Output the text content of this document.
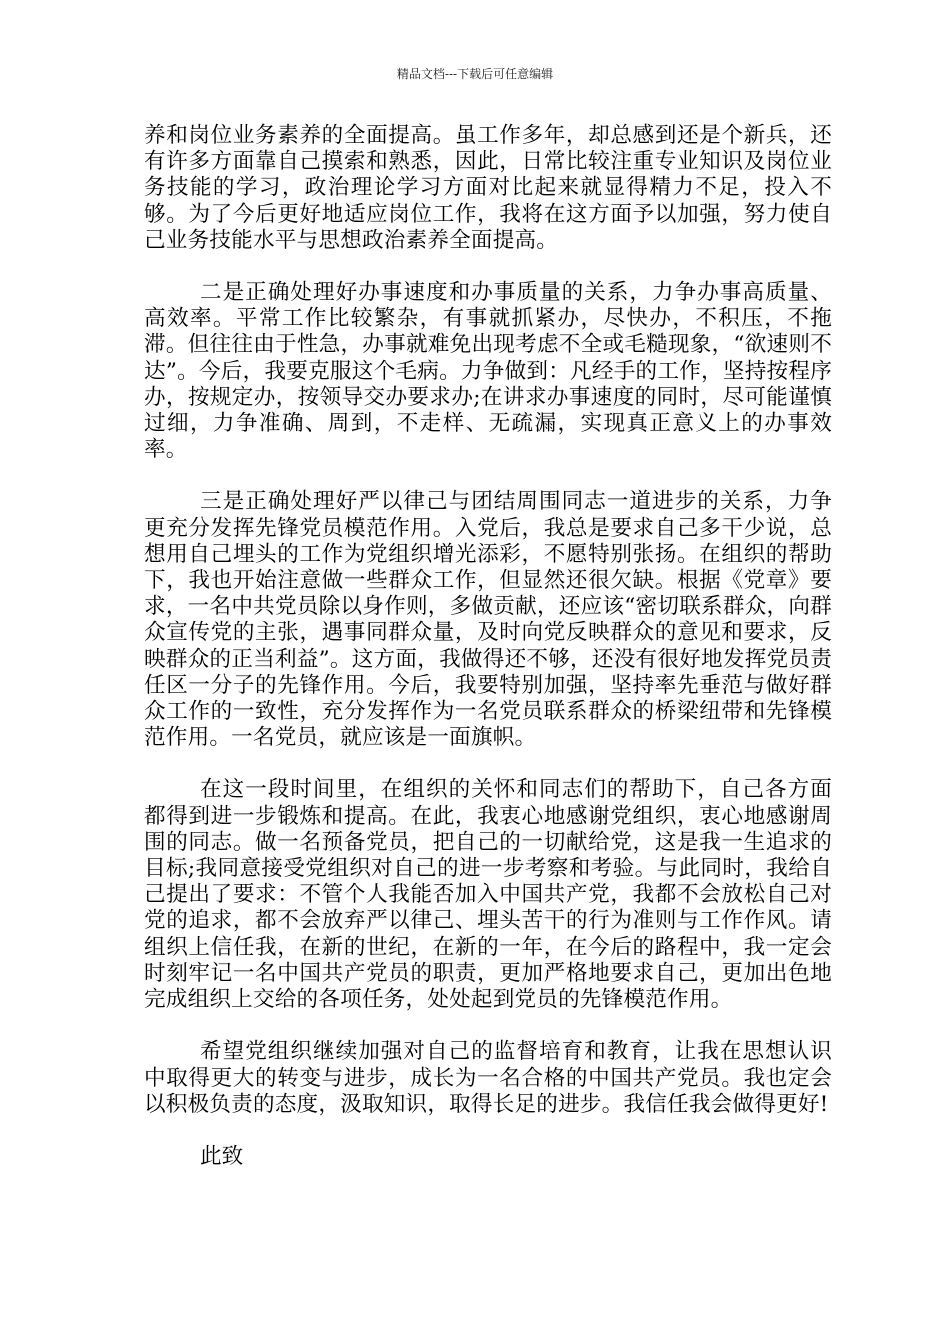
精品文档---下载后可任意编辑

养和岗位业务素养的全面提高。虽工作多年，却总感到还是个新兵，还有许多方面靠自己摸索和熟悉，因此，日常比较注重专业知识及岗位业务技能的学习，政治理论学习方面对比起来就显得精力不足，投入不够。为了今后更好地适应岗位工作，我将在这方面予以加强，努力使自己业务技能水平与思想政治素养全面提高。

二是正确处理好办事速度和办事质量的关系，力争办事高质量、高效率。平常工作比较繁杂，有事就抓紧办，尽快办，不积压，不拖滞。但往往由于性急，办事就难免出现考虑不全或毛糙现象，“欲速则不达”。今后，我要克服这个毛病。力争做到：凡经手的工作，坚持按程序办，按规定办，按领导交办要求办;在讲求办事速度的同时，尽可能谨慎过细，力争准确、周到，不走样、无疏漏，实现真正意义上的办事效率。

三是正确处理好严以律己与团结周围同志一道进步的关系，力争更充分发挥先锋党员模范作用。入党后，我总是要求自己多干少说，总想用自己埋头的工作为党组织增光添彩，不愿特别张扬。在组织的帮助下，我也开始注意做一些群众工作，但显然还很欠缺。根据《党章》要求，一名中共党员除以身作则，多做贡献，还应该“密切联系群众，向群众宣传党的主张，遇事同群众量，及时向党反映群众的意见和要求，反映群众的正当利益”。这方面，我做得还不够，还没有很好地发挥党员责任区一分子的先锋作用。今后，我要特别加强，坚持率先垂范与做好群众工作的一致性，充分发挥作为一名党员联系群众的桥梁纽带和先锋模范作用。一名党员，就应该是一面旗帜。

在这一段时间里，在组织的关怀和同志们的帮助下，自己各方面都得到进一步锻炼和提高。在此，我衷心地感谢党组织，衷心地感谢周围的同志。做一名预备党员，把自己的一切献给党，这是我一生追求的目标;我同意接受党组织对自己的进一步考察和考验。与此同时，我给自己提出了要求：不管个人我能否加入中国共产党，我都不会放松自己对党的追求，都不会放弃严以律己、埋头苦干的行为准则与工作作风。请组织上信任我，在新的世纪，在新的一年，在今后的路程中，我一定会时刻牢记一名中国共产党员的职责，更加严格地要求自己，更加出色地完成组织上交给的各项任务，处处起到党员的先锋模范作用。

希望党组织继续加强对自己的监督培育和教育，让我在思想认识中取得更大的转变与进步，成长为一名合格的中国共产党员。我也定会以积极负责的态度，汲取知识，取得长足的进步。我信任我会做得更好!

此致
